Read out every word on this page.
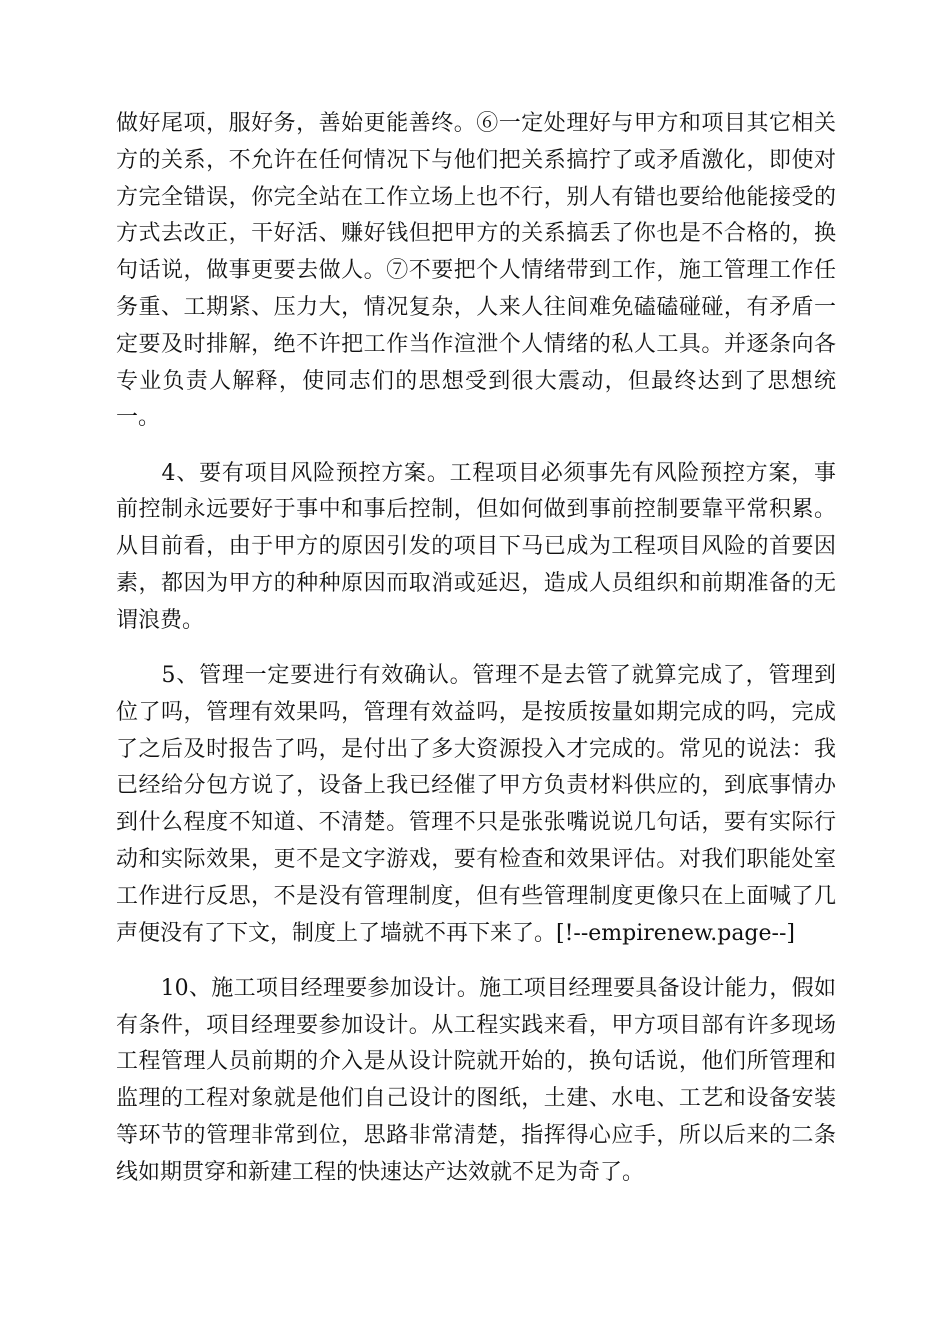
做好尾项，服好务，善始更能善终。⑥一定处理好与甲方和项目其它相关
方的关系，不允许在任何情况下与他们把关系搞拧了或矛盾激化，即使对
方完全错误，你完全站在工作立场上也不行，别人有错也要给他能接受的
方式去改正，干好活、赚好钱但把甲方的关系搞丢了你也是不合格的，换
句话说，做事更要去做人。⑦不要把个人情绪带到工作，施工管理工作任
务重、工期紧、压力大，情况复杂，人来人往间难免磕磕碰碰，有矛盾一
定要及时排解，绝不许把工作当作渲泄个人情绪的私人工具。并逐条向各
专业负责人解释，使同志们的思想受到很大震动，但最终达到了思想统
一。
　　4、要有项目风险预控方案。工程项目必须事先有风险预控方案，事
前控制永远要好于事中和事后控制，但如何做到事前控制要靠平常积累。
从目前看，由于甲方的原因引发的项目下马已成为工程项目风险的首要因
素，都因为甲方的种种原因而取消或延迟，造成人员组织和前期准备的无
谓浪费。
　　5、管理一定要进行有效确认。管理不是去管了就算完成了，管理到
位了吗，管理有效果吗，管理有效益吗，是按质按量如期完成的吗，完成
了之后及时报告了吗，是付出了多大资源投入才完成的。常见的说法：我
已经给分包方说了，设备上我已经催了甲方负责材料供应的，到底事情办
到什么程度不知道、不清楚。管理不只是张张嘴说说几句话，要有实际行
动和实际效果，更不是文字游戏，要有检查和效果评估。对我们职能处室
工作进行反思，不是没有管理制度，但有些管理制度更像只在上面喊了几
声便没有了下文，制度上了墙就不再下来了。[!--empirenew.page--]
　　10、施工项目经理要参加设计。施工项目经理要具备设计能力，假如
有条件，项目经理要参加设计。从工程实践来看，甲方项目部有许多现场
工程管理人员前期的介入是从设计院就开始的，换句话说，他们所管理和
监理的工程对象就是他们自己设计的图纸，土建、水电、工艺和设备安装
等环节的管理非常到位，思路非常清楚，指挥得心应手，所以后来的二条
线如期贯穿和新建工程的快速达产达效就不足为奇了。
